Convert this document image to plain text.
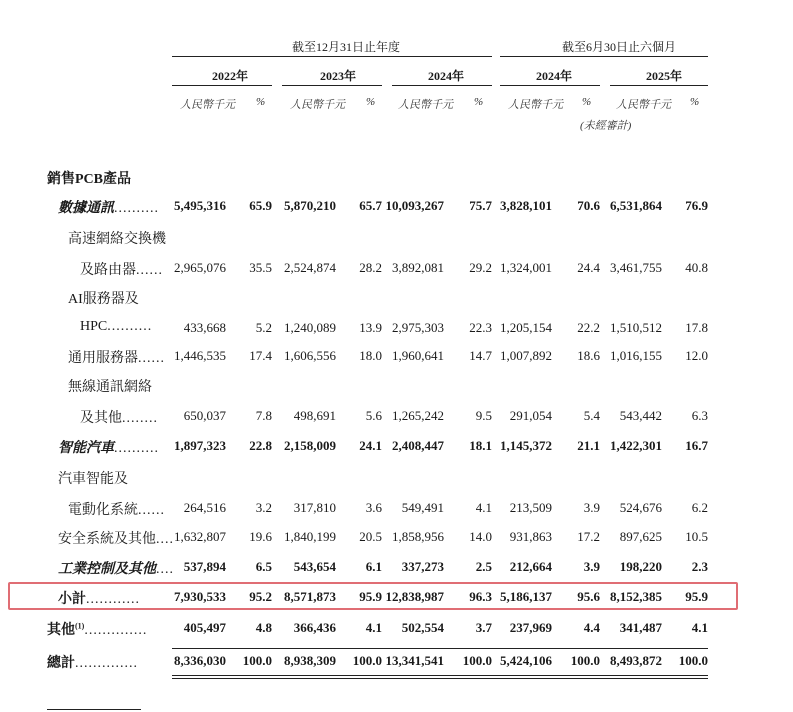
截至12月31日止年度	截至6月30日止六個月
2022年	2023年	2024年	2024年	2025年
人民幣千元 % 人民幣千元 % 人民幣千元 % 人民幣千元 % 人民幣千元 %
(未經審計)
銷售PCB產品
數據通訊..........	5,495,316	65.9 5,870,210	65.7 10,093,267	75.7 3,828,101	70.6 6,531,864	76.9
高速網絡交換機
及路由器...... 2,965,076	35.5 2,524,874	28.2 3,892,081	29.2 1,324,001	24.4 3,461,755	40.8
AI服務器及
HPC..........	433,668	5.2 1,240,089	13.9 2,975,303	22.3 1,205,154	22.2 1,510,512	17.8
通用服務器...... 1,446,535	17.4 1,606,556	18.0 1,960,641	14.7 1,007,892	18.6 1,016,155	12.0
無線通訊網絡
及其他........	650,037	7.8	498,691	5.6 1,265,242	9.5	291,054	5.4	543,442	6.3
智能汽車..........	1,897,323	22.8 2,158,009	24.1 2,408,447	18.1 1,145,372	21.1 1,422,301	16.7
汽車智能及
電動化系統......	264,516	3.2	317,810	3.6	549,491	4.1	213,509	3.9	524,676	6.2
安全系統及其他.... 1,632,807	19.6 1,840,199	20.5 1,858,956	14.0	931,863	17.2	897,625	10.5
工業控制及其他.... 537,894	6.5	543,654	6.1	337,273	2.5	212,664	3.9	198,220	2.3
小計............	7,930,533	95.2 8,571,873	95.9 12,838,987	96.3 5,186,137	95.6 8,152,385	95.9
其他$^{(1)}$..............	405,497	4.8	366,436	4.1	502,554	3.7	237,969	4.4	341,487	4.1
總計..............	8,336,030	100.0 8,938,309	100.0 13,341,541	100.0 5,424,106	100.0 8,493,872	100.0
